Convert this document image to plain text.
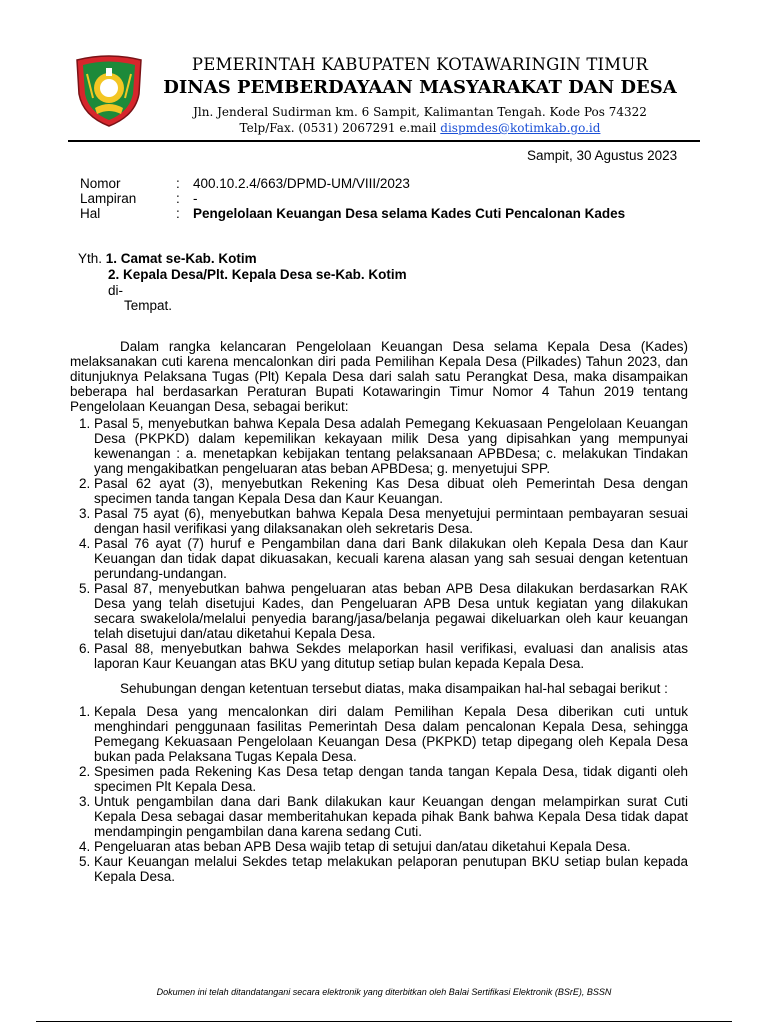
PEMERINTAH KABUPATEN KOTAWARINGIN TIMUR
DINAS PEMBERDAYAAN MASYARAKAT DAN DESA
Jln. Jenderal Sudirman km. 6 Sampit, Kalimantan Tengah. Kode Pos 74322
Telp/Fax. (0531) 2067291 e.mail dispmdes@kotimkab.go.id
Sampit, 30 Agustus 2023
Nomor	: 400.10.2.4/663/DPMD-UM/VIII/2023
Lampiran	: -
Hal	: Pengelolaan Keuangan Desa selama Kades Cuti Pencalonan Kades
Yth. 1. Camat se-Kab. Kotim
2. Kepala Desa/Plt. Kepala Desa se-Kab. Kotim
di-
Tempat.

Dalam rangka kelancaran Pengelolaan Keuangan Desa selama Kepala Desa (Kades) melaksanakan cuti karena mencalonkan diri pada Pemilihan Kepala Desa (Pilkades) Tahun 2023, dan ditunjuknya Pelaksana Tugas (Plt) Kepala Desa dari salah satu Perangkat Desa, maka disampaikan beberapa hal berdasarkan Peraturan Bupati Kotawaringin Timur Nomor 4 Tahun 2019 tentang Pengelolaan Keuangan Desa, sebagai berikut:

1. Pasal 5, menyebutkan bahwa Kepala Desa adalah Pemegang Kekuasaan Pengelolaan Keuangan Desa (PKPKD) dalam kepemilikan kekayaan milik Desa yang dipisahkan yang mempunyai kewenangan : a. menetapkan kebijakan tentang pelaksanaan APBDesa; c. melakukan Tindakan yang mengakibatkan pengeluaran atas beban APBDesa; g. menyetujui SPP.
2. Pasal 62 ayat (3), menyebutkan Rekening Kas Desa dibuat oleh Pemerintah Desa dengan specimen tanda tangan Kepala Desa dan Kaur Keuangan.
3. Pasal 75 ayat (6), menyebutkan bahwa Kepala Desa menyetujui permintaan pembayaran sesuai dengan hasil verifikasi yang dilaksanakan oleh sekretaris Desa.
4. Pasal 76 ayat (7) huruf e Pengambilan dana dari Bank dilakukan oleh Kepala Desa dan Kaur Keuangan dan tidak dapat dikuasakan, kecuali karena alasan yang sah sesuai dengan ketentuan perundang-undangan.
5. Pasal 87, menyebutkan bahwa pengeluaran atas beban APB Desa dilakukan berdasarkan RAK Desa yang telah disetujui Kades, dan Pengeluaran APB Desa untuk kegiatan yang dilakukan secara swakelola/melalui penyedia barang/jasa/belanja pegawai dikeluarkan oleh kaur keuangan telah disetujui dan/atau diketahui Kepala Desa.
6. Pasal 88, menyebutkan bahwa Sekdes melaporkan hasil verifikasi, evaluasi dan analisis atas laporan Kaur Keuangan atas BKU yang ditutup setiap bulan kepada Kepala Desa.

Sehubungan dengan ketentuan tersebut diatas, maka disampaikan hal-hal sebagai berikut :

1. Kepala Desa yang mencalonkan diri dalam Pemilihan Kepala Desa diberikan cuti untuk menghindari penggunaan fasilitas Pemerintah Desa dalam pencalonan Kepala Desa, sehingga Pemegang Kekuasaan Pengelolaan Keuangan Desa (PKPKD) tetap dipegang oleh Kepala Desa bukan pada Pelaksana Tugas Kepala Desa.
2. Spesimen pada Rekening Kas Desa tetap dengan tanda tangan Kepala Desa, tidak diganti oleh specimen Plt Kepala Desa.
3. Untuk pengambilan dana dari Bank dilakukan kaur Keuangan dengan melampirkan surat Cuti Kepala Desa sebagai dasar memberitahukan kepada pihak Bank bahwa Kepala Desa tidak dapat mendampingin pengambilan dana karena sedang Cuti.
4. Pengeluaran atas beban APB Desa wajib tetap di setujui dan/atau diketahui Kepala Desa.
5. Kaur Keuangan melalui Sekdes tetap melakukan pelaporan penutupan BKU setiap bulan kepada Kepala Desa.
Dokumen ini telah ditandatangani secara elektronik yang diterbitkan oleh Balai Sertifikasi Elektronik (BSrE), BSSN
